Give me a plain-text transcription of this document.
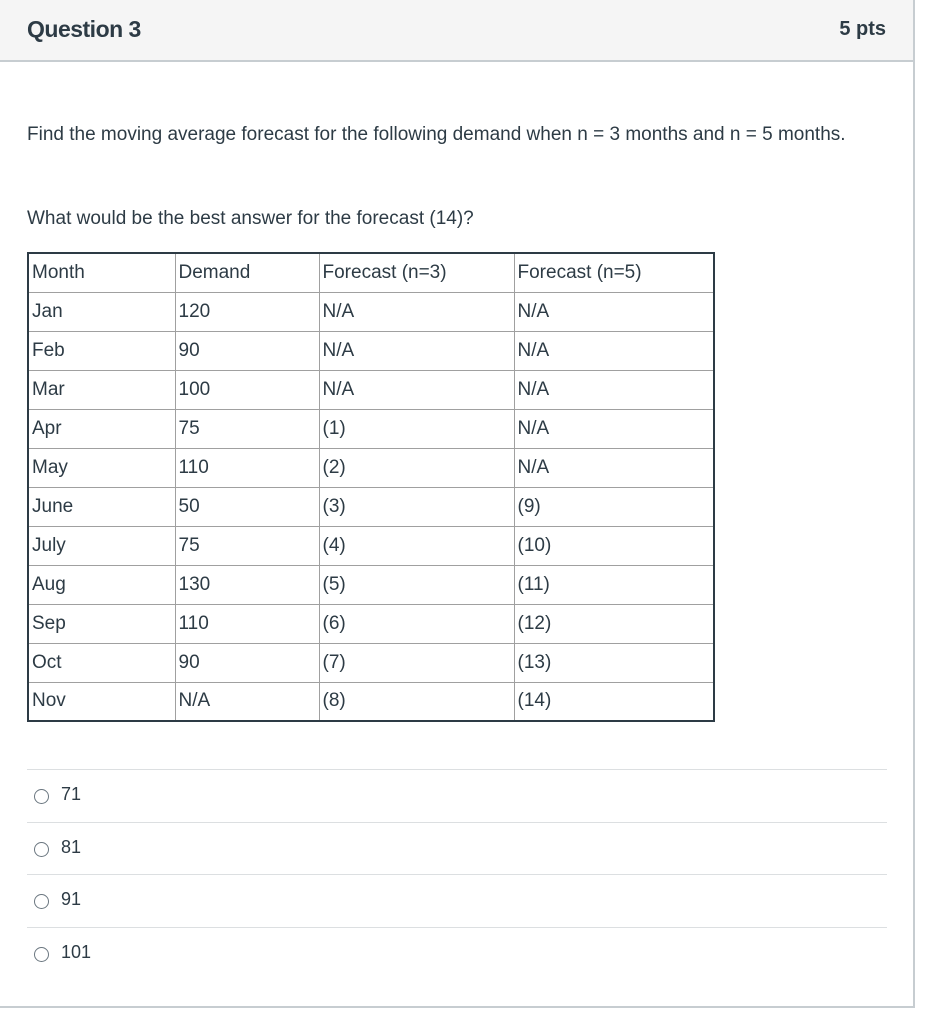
Question 3	5 pts
Find the moving average forecast for the following demand when n = 3 months and n = 5 months.
What would be the best answer for the forecast (14)?
Month	Demand	Forecast (n=3)	Forecast (n=5)
Jan	120	N/A	N/A
Feb	90	N/A	N/A
Mar	100	N/A	N/A
Apr	75	(1)	N/A
May	110	(2)	N/A
June	50	(3)	(9)
July	75	(4)	(10)
Aug	130	(5)	(11)
Sep	110	(6)	(12)
Oct	90	(7)	(13)
Nov	N/A	(8)	(14)
71
81
91
101
